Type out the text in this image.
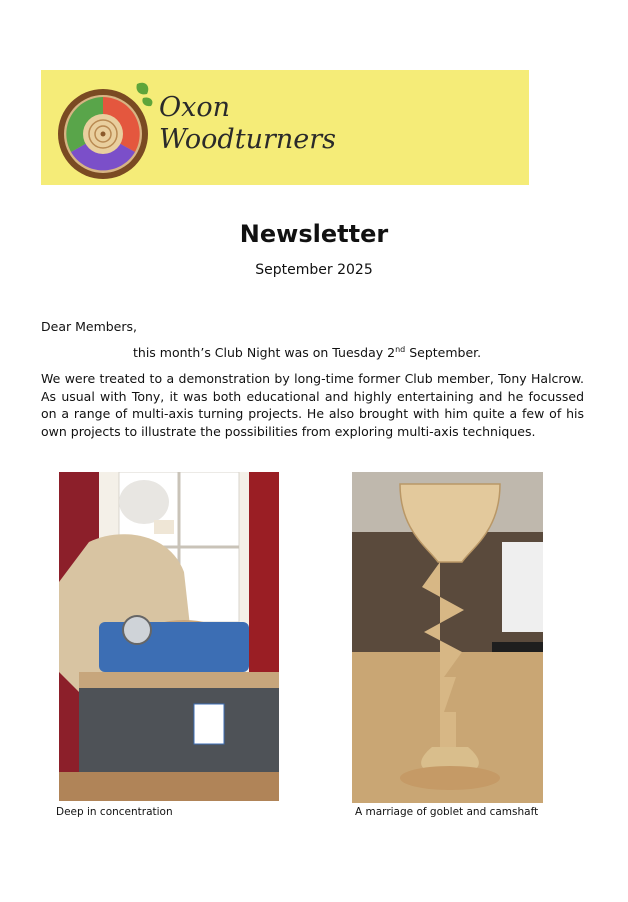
Oxon
Woodturners
Newsletter
September 2025
Dear Members,
this month’s Club Night was on Tuesday 2nd September.
We were treated to a demonstration by long-time former Club member, Tony Halcrow. As usual with Tony, it was both educational and highly entertaining and he focussed on a range of multi-axis turning projects. He also brought with him quite a few of his own projects to illustrate the possibilities from exploring multi-axis techniques.
Deep in concentration	A marriage of goblet and camshaft
